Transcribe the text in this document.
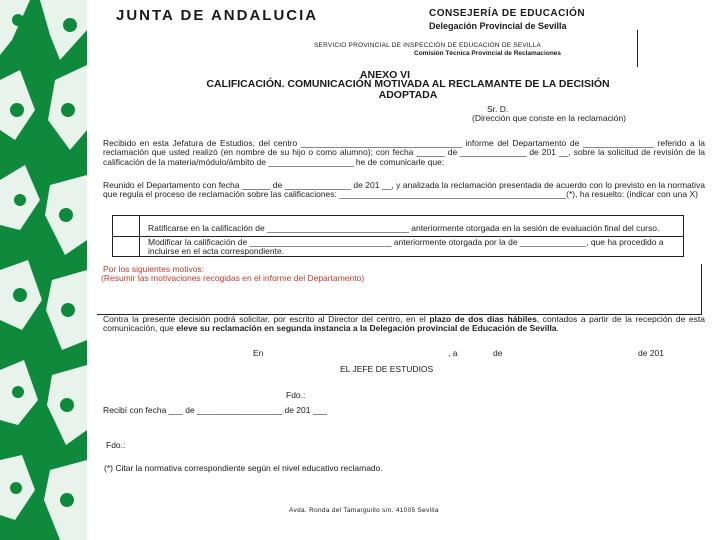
JUNTA DE ANDALUCIA	CONSEJERÍA DE EDUCACIÓN
Delegación Provincial de Sevilla
SERVICIO PROVINCIAL DE INSPECCIÓN DE EDUCACIÓN DE SEVILLA
Comisión Técnica Provincial de Reclamaciones
ANEXO VI
CALIFICACIÓN. COMUNICACIÓN MOTIVADA AL RECLAMANTE DE LA DECISIÓN
ADOPTADA
Sr. D.
(Dirección que conste en la reclamación)
Recibido en esta Jefatura de Estudios, del centro __________________________________ informe del Departamento de _______________ referido a la reclamación que usted realizó (en nombre de su hijo o como alumno); con fecha ______ de ______________ de 201 __, sobre la solicitud de revisión de la calificación de la materia/módulo/ámbito de __________________ he de comunicarle que:
Reunido el Departamento con fecha ______ de ______________ de 201 __, y analizada la reclamación presentada de acuerdo con lo previsto en la normativa que regula el proceso de reclamación sobre las calificaciones: ________________________________________________(*), ha resuelto: (indicar con una X)
Ratificarse en la calificación de ______________________________ anteriormente otorgada en la sesión de evaluación final del curso.
Modificar la calificación de ______________________________ anteriormente otorgada por la de ______________, que ha procedido a incluirse en el acta correspondiente.
Por los siguientes motivos:
(Resumir las motivaciones recogidas en el informe del Departamento)
Contra la presente decisión podrá solicitar, por escrito al Director del centro, en el plazo de dos días hábiles, contados a partir de la recepción de esta comunicación, que eleve su reclamación en segunda instancia a la Delegación provincial de Educación de Sevilla.
En	, a	de	de 201
EL JEFE DE ESTUDIOS
Fdo.:
Recibí con fecha ___ de __________________ de 201 ___
Fdo.:
(*) Citar la normativa correspondiente según el nivel educativo reclamado.
Avda. Ronda del Tamarguillo s/n. 41005 Sevilla
